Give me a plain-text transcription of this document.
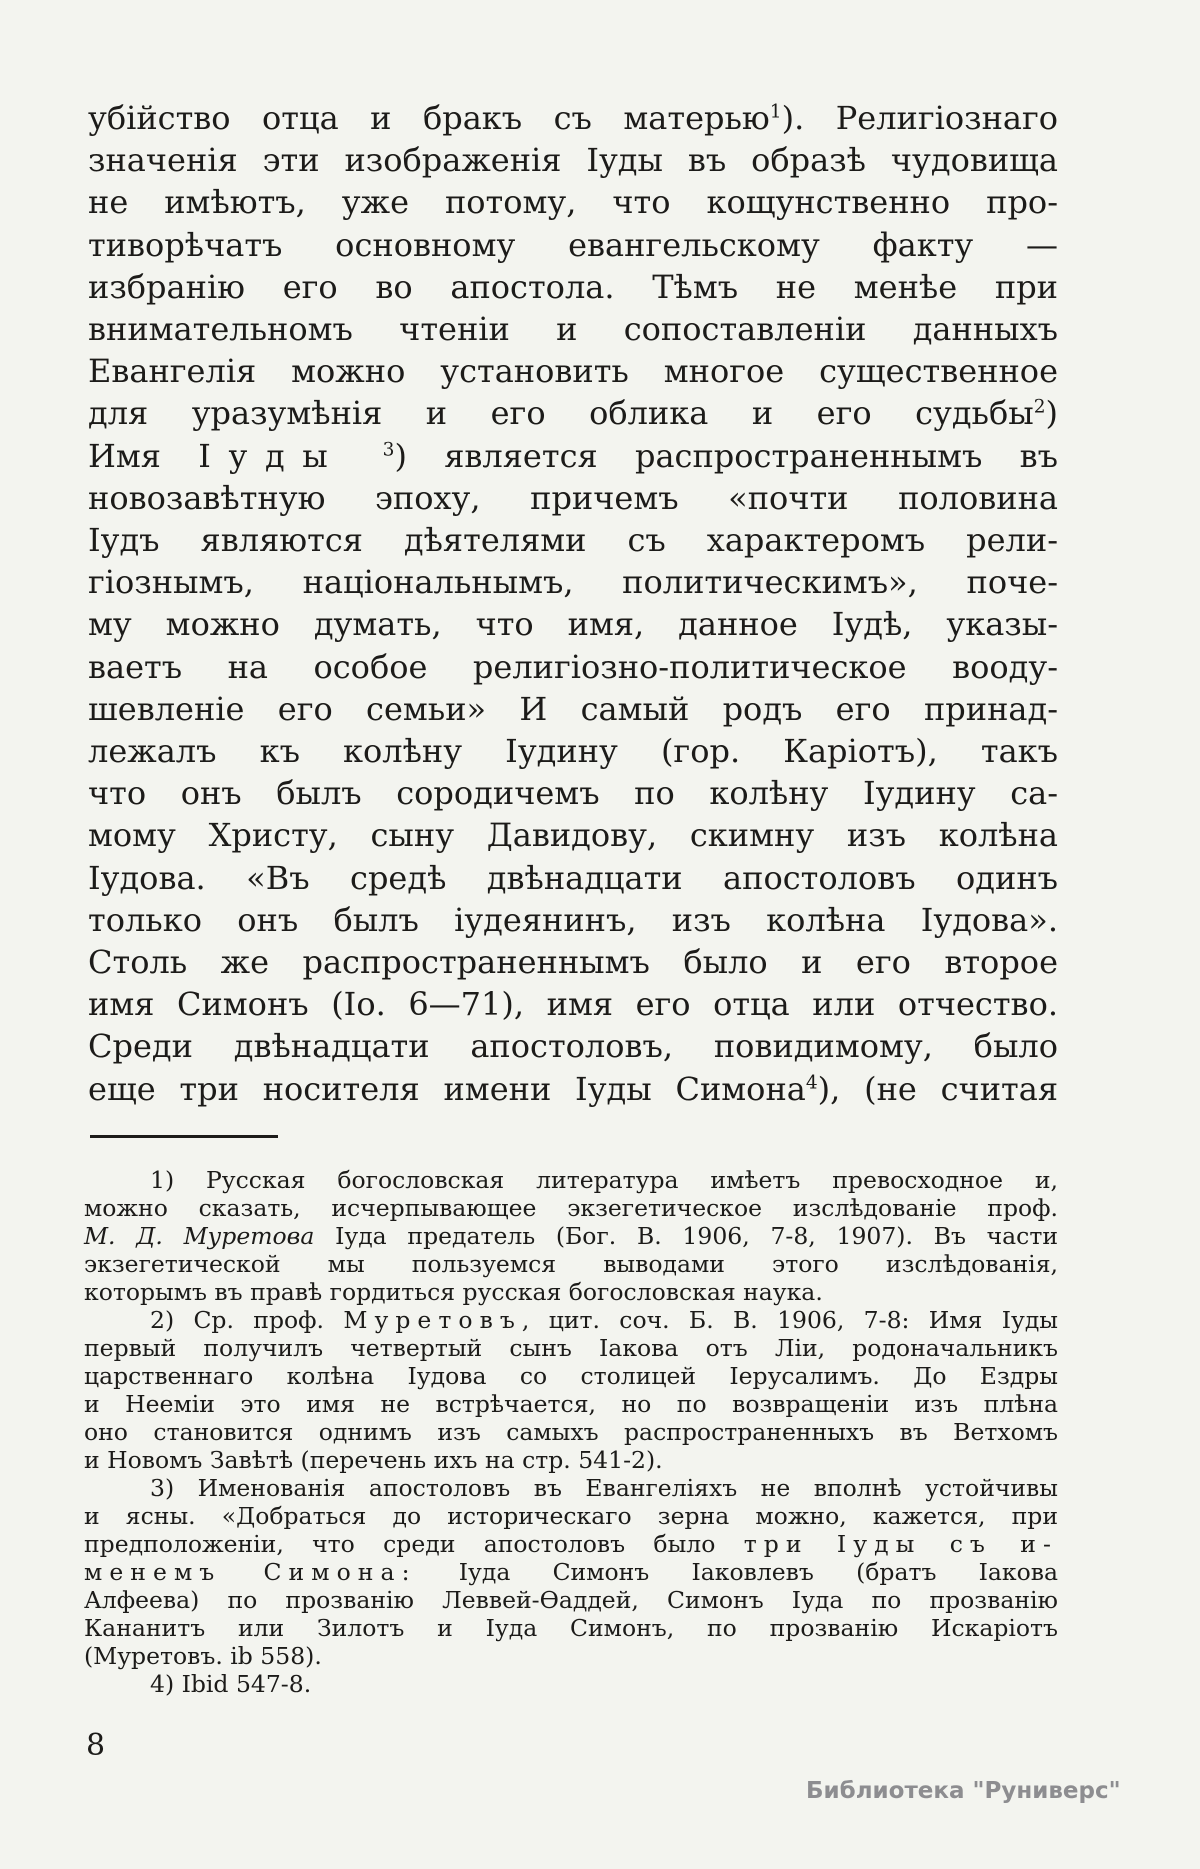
убійство отца и бракъ съ матерью$^1$). Религіознаго
значенія эти изображенія Іуды въ образѣ чудовища
не имѣютъ, уже потому, что кощунственно про-
тиворѣчатъ основному евангельскому факту —
избранію его во апостола. Тѣмъ не менѣе при
внимательномъ чтеніи и сопоставленіи данныхъ
Евангелія можно установить многое существенное
для уразумѣнія и его облика и его судьбы$^2$)
Имя Іуды $^3$) является распространеннымъ въ
новозавѣтную эпоху, причемъ «почти половина
Іудъ являются дѣятелями съ характеромъ рели-
гіознымъ, національнымъ, политическимъ», поче-
му можно думать, что имя, данное Іудѣ, указы-
ваетъ на особое религіозно-политическое вооду-
шевленіе его семьи» И самый родъ его принад-
лежалъ къ колѣну Іудину (гор. Каріотъ), такъ
что онъ былъ сородичемъ по колѣну Іудину са-
мому Христу, сыну Давидову, скимну изъ колѣна
Іудова. «Въ средѣ двѣнадцати апостоловъ одинъ
только онъ былъ іудеянинъ, изъ колѣна Іудова».
Столь же распространеннымъ было и его второе
имя Симонъ (Іо. 6—71), имя его отца или отчество.
Среди двѣнадцати апостоловъ, повидимому, было
еще три носителя имени Іуды Симона$^4$), (не считая
1) Русская богословская литература имѣетъ превосходное и,
можно сказать, исчерпывающее экзегетическое изслѣдованіе проф.
М. Д. Муретова Іуда предатель (Бог. В. 1906, 7-8, 1907). Въ части
экзегетической мы пользуемся выводами этого изслѣдованія,
которымъ въ правѣ гордиться русская богословская наука.
2) Ср. проф. Муретовъ, цит. соч. Б. В. 1906, 7-8: Имя Іуды
первый получилъ четвертый сынъ Іакова отъ Ліи, родоначальникъ
царственнаго колѣна Іудова со столицей Іерусалимъ. До Ездры
и Нееміи это имя не встрѣчается, но по возвращеніи изъ плѣна
оно становится однимъ изъ самыхъ распространенныхъ въ Ветхомъ
и Новомъ Завѣтѣ (перечень ихъ на стр. 541-2).
3) Именованія апостоловъ въ Евангеліяхъ не вполнѣ устойчивы
и ясны. «Добраться до историческаго зерна можно, кажется, при
предположеніи, что среди апостоловъ было три Іуды съ и-
менемъ Симона: Іуда Симонъ Іаковлевъ (братъ Іакова
Алфеева) по прозванію Леввей-Ѳаддей, Симонъ Іуда по прозванію
Кананитъ или Зилотъ и Іуда Симонъ, по прозванію Искаріотъ
(Муретовъ. ib 558).
4) Ibid 547-8.
8
Библиотека "Руниверс"
